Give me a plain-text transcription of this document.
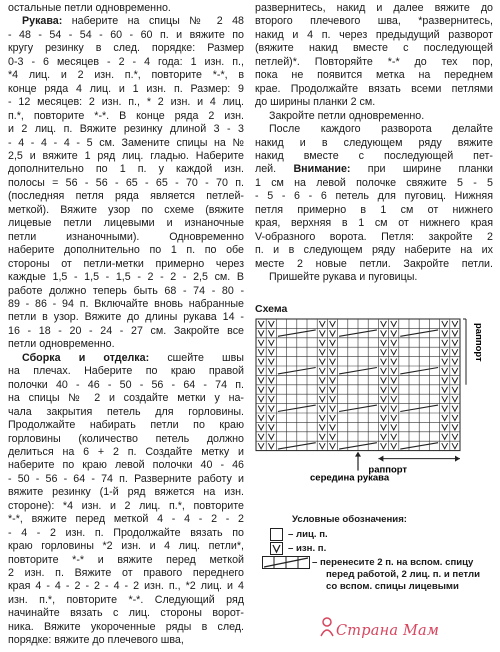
остальные петли одновременно.
Рукава: наберите на спицы № 2 48
- 48 - 54 - 54 - 60 - 60 п. и вяжите по
кругу резинку в след. порядке: Размер
0-3 - 6 месяцев - 2 - 4 года: 1 изн. п.,
*4 лиц. и 2 изн. п.*, повторите *-*, в
конце ряда 4 лиц. и 1 изн. п. Размер: 9
- 12 месяцев: 2 изн. п., * 2 изн. и 4 лиц.
п.*, повторите *-*. В конце ряда 2 изн.
и 2 лиц. п. Вяжите резинку длиной 3 - 3
- 4 - 4 - 4 - 5 см. Замените спицы на №
2,5 и вяжите 1 ряд лиц. гладью. Наберите
дополнительно по 1 п. у каждой изн.
полосы = 56 - 56 - 65 - 65 - 70 - 70 п.
(последняя петля ряда является петлей-
меткой). Вяжите узор по схеме (вяжите
лицевые петли лицевыми и изнаночные
петли изнаночными). Одновременно
наберите дополнительно по 1 п. по обе
стороны от петли-метки примерно через
каждые 1,5 - 1,5 - 1,5 - 2 - 2 - 2,5 см. В
работе должно теперь быть 68 - 74 - 80 -
89 - 86 - 94 п. Включайте вновь набранные
петли в узор. Вяжите до длины рукава 14 -
16 - 18 - 20 - 24 - 27 см. Закройте все
петли одновременно.
Сборка и отделка: сшейте швы
на плечах. Наберите по краю правой
полочки 40 - 46 - 50 - 56 - 64 - 74 п.
на спицы № 2 и создайте метки у на-
чала закрытия петель для горловины.
Продолжайте набирать петли по краю
горловины (количество петель должно
делиться на 6 + 2 п. Создайте метку и
наберите по краю левой полочки 40 - 46
- 50 - 56 - 64 - 74 п. Разверните работу и
вяжите резинку (1-й ряд вяжется на изн.
стороне): *4 изн. и 2 лиц. п.*, повторите
*-*, вяжите перед меткой 4 - 4 - 2 - 2
- 4 - 2 изн. п. Продолжайте вязать по
краю горловины *2 изн. и 4 лиц. петли*,
повторите *-* и вяжите перед меткой
2 изн. п. Вяжите от правого переднего
края 4 - 4 - 2 - 2 - 4 - 2 изн. п., *2 лиц. и 4
изн. п.*, повторите *-*. Следующий ряд
начинайте вязать с лиц. стороны ворот-
ника. Вяжите укороченные ряды в след.
порядке: вяжите до плечевого шва,
развернитесь, накид и далее вяжите до
второго плечевого шва, *развернитесь,
накид и 4 п. через предыдущий разворот
(вяжите накид вместе с последующей
петлей)*. Повторяйте *-* до тех пор,
пока не появится метка на переднем
крае. Продолжайте вязать всеми петлями
до ширины планки 2 см.
Закройте петли одновременно.
После каждого разворота делайте
накид и в следующем ряду вяжите
накид вместе с последующей пет-
лей. Внимание: при ширине планки
1 см на левой полочке свяжите 5 - 5
- 5 - 6 - 6 петель для пуговиц. Нижняя
петля примерно в 1 см от нижнего
края, верхняя в 1 см от нижнего края
V-образного ворота. Петля: закройте 2
п. и в следующем ряду наберите на их
месте 2 новые петли. Закройте петли.
Пришейте рукава и пуговицы.
Схема
раппорт
раппорт
середина рукава
Условные обозначения:
– лиц. п.
– изн. п.
– перенесите 2 п. на вспом. спицу
перед работой, 2 лиц. п. и петли
со вспом. спицы лицевыми
Страна Мам
